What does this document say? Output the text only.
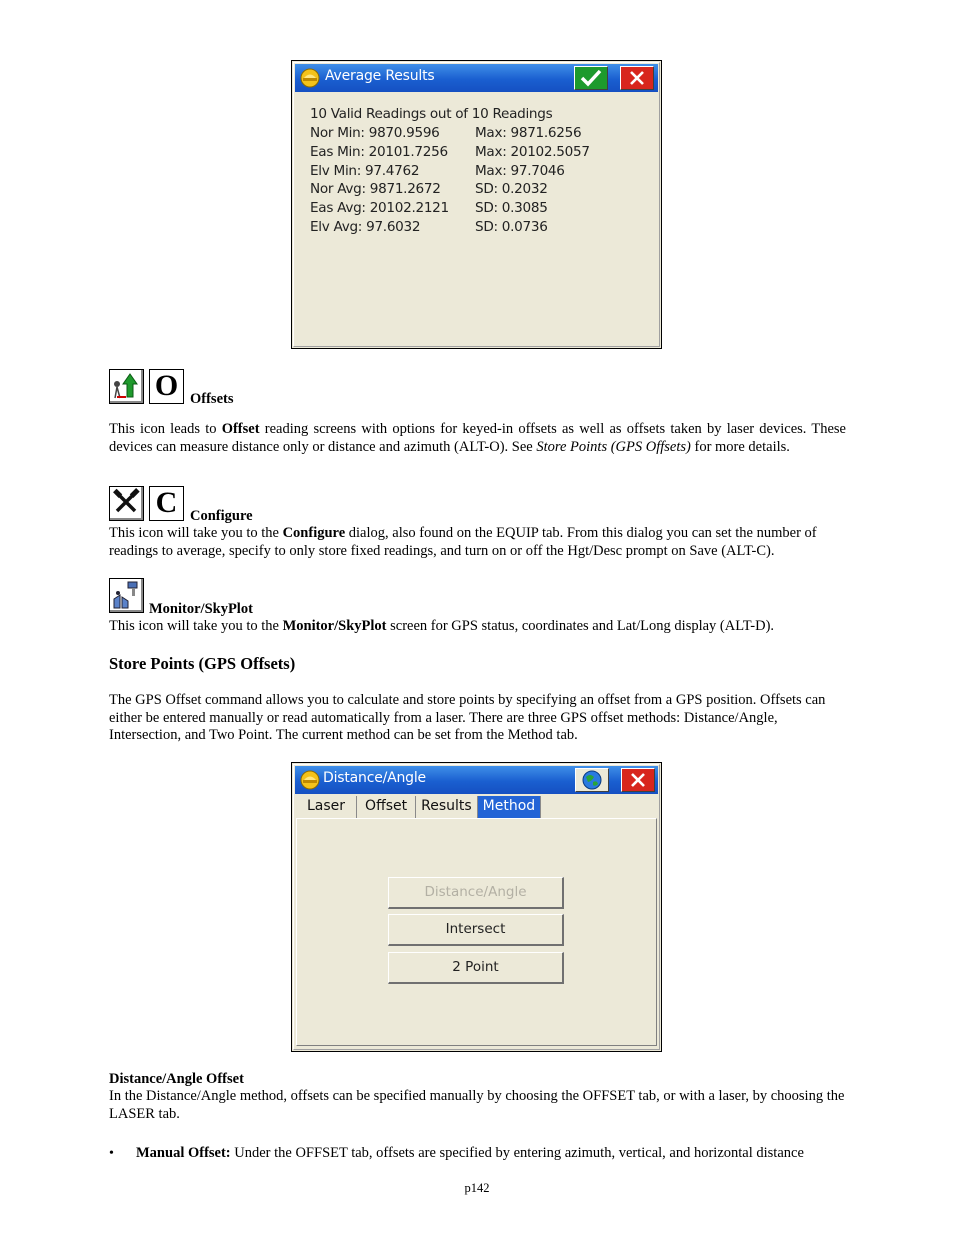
Average Results
10 Valid Readings out of 10 Readings
Nor Min: 9870.9596	Max: 9871.6256
Eas Min: 20101.7256 Max: 20102.5057
Elv Min: 97.4762	Max: 97.7046
Nor Avg: 9871.2672	SD: 0.2032
Eas Avg: 20102.2121 SD: 0.3085
Elv Avg: 97.6032	SD: 0.0736
O Offsets
This icon leads to Offset reading screens with options for keyed-in offsets as well as offsets taken by laser devices. These devices can measure distance only or distance and azimuth (ALT-O). See Store Points (GPS Offsets) for more details.
C Configure
This icon will take you to the Configure dialog, also found on the EQUIP tab. From this dialog you can set the number of readings to average, specify to only store fixed readings, and turn on or off the Hgt/Desc prompt on Save (ALT-C).
Monitor/SkyPlot
This icon will take you to the Monitor/SkyPlot screen for GPS status, coordinates and Lat/Long display (ALT-D).
Store Points (GPS Offsets)
The GPS Offset command allows you to calculate and store points by specifying an offset from a GPS position. Offsets can either be entered manually or read automatically from a laser. There are three GPS offset methods: Distance/Angle, Intersection, and Two Point. The current method can be set from the Method tab.
Distance/Angle
Laser	Offset	Results Method
Distance/Angle
Intersect
2 Point
Distance/Angle Offset
In the Distance/Angle method, offsets can be specified manually by choosing the OFFSET tab, or with a laser, by choosing the LASER tab.
• Manual Offset: Under the OFFSET tab, offsets are specified by entering azimuth, vertical, and horizontal distance
p142
